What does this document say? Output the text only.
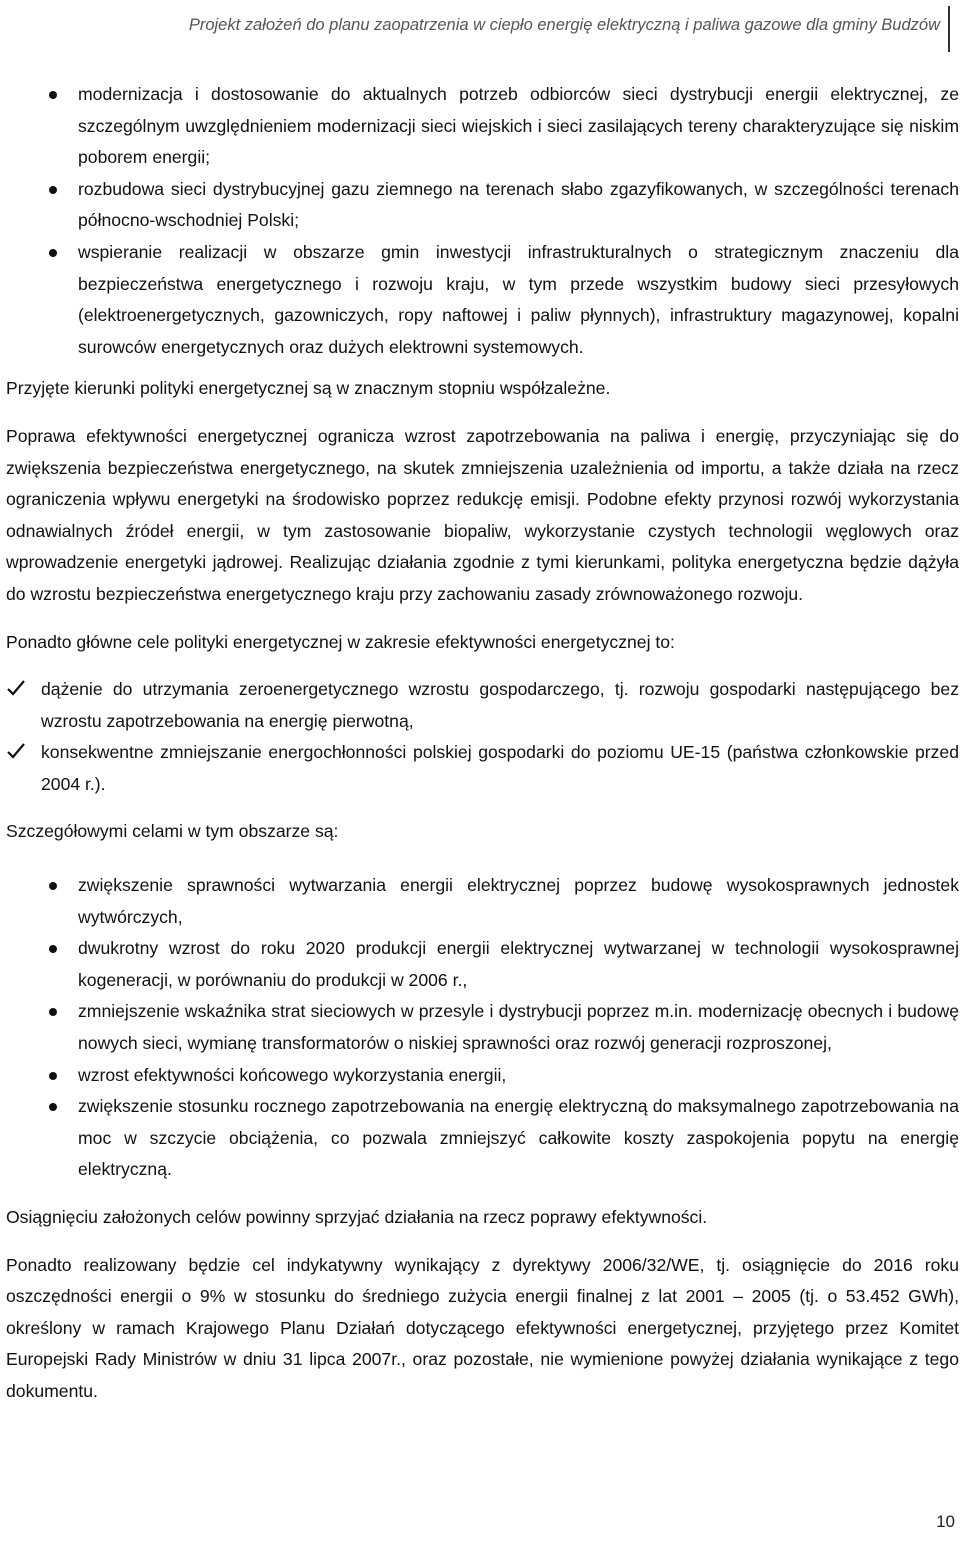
Projekt założeń do planu zaopatrzenia w ciepło energię elektryczną i paliwa gazowe dla gminy Budzów
modernizacja i dostosowanie do aktualnych potrzeb odbiorców sieci dystrybucji energii elektrycznej, ze szczególnym uwzględnieniem modernizacji sieci wiejskich i sieci zasilających tereny charakteryzujące się niskim poborem energii;
rozbudowa sieci dystrybucyjnej gazu ziemnego na terenach słabo zgazyfikowanych, w szczególności terenach północno-wschodniej Polski;
wspieranie realizacji w obszarze gmin inwestycji infrastrukturalnych o strategicznym znaczeniu dla bezpieczeństwa energetycznego i rozwoju kraju, w tym przede wszystkim budowy sieci przesyłowych (elektroenergetycznych, gazowniczych, ropy naftowej i paliw płynnych), infrastruktury magazynowej, kopalni surowców energetycznych oraz dużych elektrowni systemowych.

Przyjęte kierunki polityki energetycznej są w znacznym stopniu współzależne.

Poprawa efektywności energetycznej ogranicza wzrost zapotrzebowania na paliwa i energię, przyczyniając się do zwiększenia bezpieczeństwa energetycznego, na skutek zmniejszenia uzależnienia od importu, a także działa na rzecz ograniczenia wpływu energetyki na środowisko poprzez redukcję emisji. Podobne efekty przynosi rozwój wykorzystania odnawialnych źródeł energii, w tym zastosowanie biopaliw, wykorzystanie czystych technologii węglowych oraz wprowadzenie energetyki jądrowej. Realizując działania zgodnie z tymi kierunkami, polityka energetyczna będzie dążyła do wzrostu bezpieczeństwa energetycznego kraju przy zachowaniu zasady zrównoważonego rozwoju.

Ponadto główne cele polityki energetycznej w zakresie efektywności energetycznej to:

dążenie do utrzymania zeroenergetycznego wzrostu gospodarczego, tj. rozwoju gospodarki następującego bez wzrostu zapotrzebowania na energię pierwotną,
konsekwentne zmniejszanie energochłonności polskiej gospodarki do poziomu UE-15 (państwa członkowskie przed 2004 r.).

Szczegółowymi celami w tym obszarze są:

zwiększenie sprawności wytwarzania energii elektrycznej poprzez budowę wysokosprawnych jednostek wytwórczych,
dwukrotny wzrost do roku 2020 produkcji energii elektrycznej wytwarzanej w technologii wysokosprawnej kogeneracji, w porównaniu do produkcji w 2006 r.,
zmniejszenie wskaźnika strat sieciowych w przesyle i dystrybucji poprzez m.in. modernizację obecnych i budowę nowych sieci, wymianę transformatorów o niskiej sprawności oraz rozwój generacji rozproszonej,
wzrost efektywności końcowego wykorzystania energii,
zwiększenie stosunku rocznego zapotrzebowania na energię elektryczną do maksymalnego zapotrzebowania na moc w szczycie obciążenia, co pozwala zmniejszyć całkowite koszty zaspokojenia popytu na energię elektryczną.

Osiągnięciu założonych celów powinny sprzyjać działania na rzecz poprawy efektywności.

Ponadto realizowany będzie cel indykatywny wynikający z dyrektywy 2006/32/WE, tj. osiągnięcie do 2016 roku oszczędności energii o 9% w stosunku do średniego zużycia energii finalnej z lat 2001 – 2005 (tj. o 53.452 GWh), określony w ramach Krajowego Planu Działań dotyczącego efektywności energetycznej, przyjętego przez Komitet Europejski Rady Ministrów w dniu 31 lipca 2007r., oraz pozostałe, nie wymienione powyżej działania wynikające z tego dokumentu.

10
